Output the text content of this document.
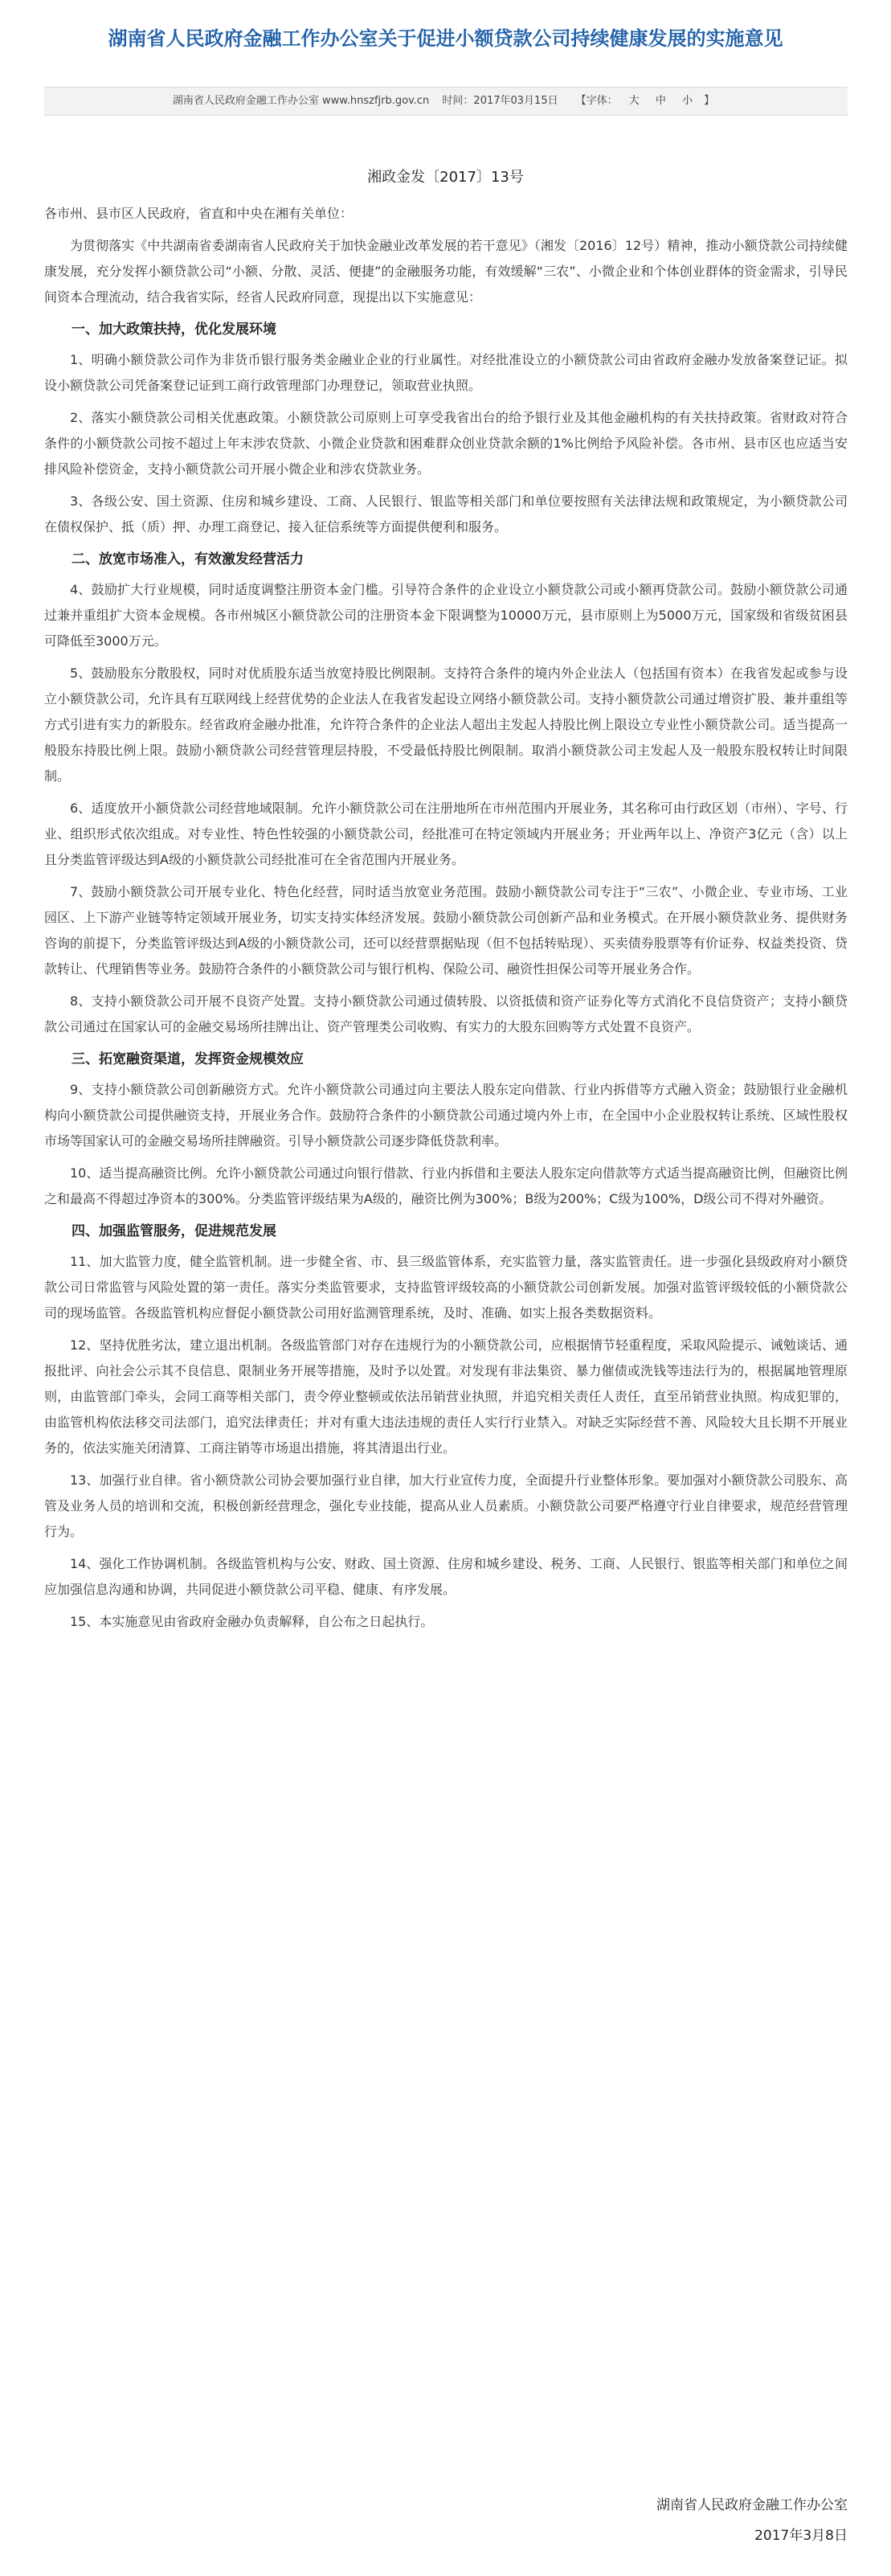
湖南省人民政府金融工作办公室关于促进小额贷款公司持续健康发展的实施意见
湖南省人民政府金融工作办公室 www.hnszfjrb.gov.cn 时间：2017年03月15日 【字体： 大 中 小 】
湘政金发〔2017〕13号

各市州、县市区人民政府，省直和中央在湘有关单位：

为贯彻落实《中共湖南省委湖南省人民政府关于加快金融业改革发展的若干意见》（湘发〔2016〕12号）精神，推动小额贷款公司持续健康发展，充分发挥小额贷款公司“小额、分散、灵活、便捷”的金融服务功能，有效缓解“三农”、小微企业和个体创业群体的资金需求，引导民间资本合理流动，结合我省实际，经省人民政府同意，现提出以下实施意见：

一、加大政策扶持，优化发展环境

1、明确小额贷款公司作为非货币银行服务类金融业企业的行业属性。对经批准设立的小额贷款公司由省政府金融办发放备案登记证。拟设小额贷款公司凭备案登记证到工商行政管理部门办理登记，领取营业执照。

2、落实小额贷款公司相关优惠政策。小额贷款公司原则上可享受我省出台的给予银行业及其他金融机构的有关扶持政策。省财政对符合条件的小额贷款公司按不超过上年末涉农贷款、小微企业贷款和困难群众创业贷款余额的1%比例给予风险补偿。各市州、县市区也应适当安排风险补偿资金，支持小额贷款公司开展小微企业和涉农贷款业务。

3、各级公安、国土资源、住房和城乡建设、工商、人民银行、银监等相关部门和单位要按照有关法律法规和政策规定，为小额贷款公司在债权保护、抵（质）押、办理工商登记、接入征信系统等方面提供便利和服务。

二、放宽市场准入，有效激发经营活力

4、鼓励扩大行业规模，同时适度调整注册资本金门槛。引导符合条件的企业设立小额贷款公司或小额再贷款公司。鼓励小额贷款公司通过兼并重组扩大资本金规模。各市州城区小额贷款公司的注册资本金下限调整为10000万元，县市原则上为5000万元，国家级和省级贫困县可降低至3000万元。

5、鼓励股东分散股权，同时对优质股东适当放宽持股比例限制。支持符合条件的境内外企业法人（包括国有资本）在我省发起或参与设立小额贷款公司，允许具有互联网线上经营优势的企业法人在我省发起设立网络小额贷款公司。支持小额贷款公司通过增资扩股、兼并重组等方式引进有实力的新股东。经省政府金融办批准，允许符合条件的企业法人超出主发起人持股比例上限设立专业性小额贷款公司。适当提高一般股东持股比例上限。鼓励小额贷款公司经营管理层持股，不受最低持股比例限制。取消小额贷款公司主发起人及一般股东股权转让时间限制。

6、适度放开小额贷款公司经营地域限制。允许小额贷款公司在注册地所在市州范围内开展业务，其名称可由行政区划（市州）、字号、行业、组织形式依次组成。对专业性、特色性较强的小额贷款公司，经批准可在特定领域内开展业务；开业两年以上、净资产3亿元（含）以上且分类监管评级达到A级的小额贷款公司经批准可在全省范围内开展业务。

7、鼓励小额贷款公司开展专业化、特色化经营，同时适当放宽业务范围。鼓励小额贷款公司专注于“三农”、小微企业、专业市场、工业园区、上下游产业链等特定领域开展业务，切实支持实体经济发展。鼓励小额贷款公司创新产品和业务模式。在开展小额贷款业务、提供财务咨询的前提下，分类监管评级达到A级的小额贷款公司，还可以经营票据贴现（但不包括转贴现）、买卖债券股票等有价证券、权益类投资、贷款转让、代理销售等业务。鼓励符合条件的小额贷款公司与银行机构、保险公司、融资性担保公司等开展业务合作。

8、支持小额贷款公司开展不良资产处置。支持小额贷款公司通过债转股、以资抵债和资产证券化等方式消化不良信贷资产；支持小额贷款公司通过在国家认可的金融交易场所挂牌出让、资产管理类公司收购、有实力的大股东回购等方式处置不良资产。

三、拓宽融资渠道，发挥资金规模效应

9、支持小额贷款公司创新融资方式。允许小额贷款公司通过向主要法人股东定向借款、行业内拆借等方式融入资金；鼓励银行业金融机构向小额贷款公司提供融资支持，开展业务合作。鼓励符合条件的小额贷款公司通过境内外上市，在全国中小企业股权转让系统、区域性股权市场等国家认可的金融交易场所挂牌融资。引导小额贷款公司逐步降低贷款利率。

10、适当提高融资比例。允许小额贷款公司通过向银行借款、行业内拆借和主要法人股东定向借款等方式适当提高融资比例，但融资比例之和最高不得超过净资本的300%。分类监管评级结果为A级的，融资比例为300%；B级为200%；C级为100%，D级公司不得对外融资。

四、加强监管服务，促进规范发展

11、加大监管力度，健全监管机制。进一步健全省、市、县三级监管体系，充实监管力量，落实监管责任。进一步强化县级政府对小额贷款公司日常监管与风险处置的第一责任。落实分类监管要求，支持监管评级较高的小额贷款公司创新发展。加强对监管评级较低的小额贷款公司的现场监管。各级监管机构应督促小额贷款公司用好监测管理系统，及时、准确、如实上报各类数据资料。

12、坚持优胜劣汰，建立退出机制。各级监管部门对存在违规行为的小额贷款公司，应根据情节轻重程度，采取风险提示、诫勉谈话、通报批评、向社会公示其不良信息、限制业务开展等措施，及时予以处置。对发现有非法集资、暴力催债或洗钱等违法行为的，根据属地管理原则，由监管部门牵头，会同工商等相关部门，责令停业整顿或依法吊销营业执照，并追究相关责任人责任，直至吊销营业执照。构成犯罪的，由监管机构依法移交司法部门，追究法律责任；并对有重大违法违规的责任人实行行业禁入。对缺乏实际经营不善、风险较大且长期不开展业务的，依法实施关闭清算、工商注销等市场退出措施，将其清退出行业。

13、加强行业自律。省小额贷款公司协会要加强行业自律，加大行业宣传力度，全面提升行业整体形象。要加强对小额贷款公司股东、高管及业务人员的培训和交流，积极创新经营理念，强化专业技能，提高从业人员素质。小额贷款公司要严格遵守行业自律要求，规范经营管理行为。

14、强化工作协调机制。各级监管机构与公安、财政、国土资源、住房和城乡建设、税务、工商、人民银行、银监等相关部门和单位之间应加强信息沟通和协调，共同促进小额贷款公司平稳、健康、有序发展。

15、本实施意见由省政府金融办负责解释，自公布之日起执行。

湖南省人民政府金融工作办公室
2017年3月8日
